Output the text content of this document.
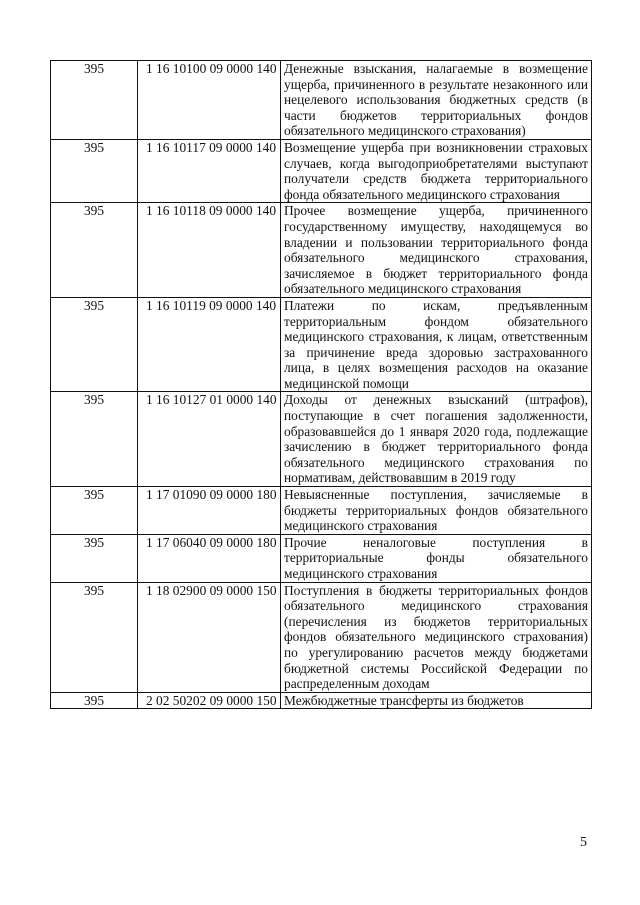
395	1 16 10100 09 0000 140	Денежные взыскания, налагаемые в возмещение ущерба, причиненного в результате незаконного или нецелевого использования бюджетных средств (в части бюджетов территориальных фондов обязательного медицинского страхования)
395	1 16 10117 09 0000 140	Возмещение ущерба при возникновении страховых случаев, когда выгодоприобретателями выступают получатели средств бюджета территориального фонда обязательного медицинского страхования
395	1 16 10118 09 0000 140	Прочее возмещение ущерба, причиненного государственному имуществу, находящемуся во владении и пользовании территориального фонда обязательного медицинского страхования, зачисляемое в бюджет территориального фонда обязательного медицинского страхования
395	1 16 10119 09 0000 140	Платежи по искам, предъявленным территориальным фондом обязательного медицинского страхования, к лицам, ответственным за причинение вреда здоровью застрахованного лица, в целях возмещения расходов на оказание медицинской помощи
395	1 16 10127 01 0000 140	Доходы от денежных взысканий (штрафов), поступающие в счет погашения задолженности, образовавшейся до 1 января 2020 года, подлежащие зачислению в бюджет территориального фонда обязательного медицинского страхования по нормативам, действовавшим в 2019 году
395	1 17 01090 09 0000 180	Невыясненные поступления, зачисляемые в бюджеты территориальных фондов обязательного медицинского страхования
395	1 17 06040 09 0000 180	Прочие неналоговые поступления в территориальные фонды обязательного медицинского страхования
395	1 18 02900 09 0000 150	Поступления в бюджеты территориальных фондов обязательного медицинского страхования (перечисления из бюджетов территориальных фондов обязательного медицинского страхования) по урегулированию расчетов между бюджетами бюджетной системы Российской Федерации по распределенным доходам
395	2 02 50202 09 0000 150	Межбюджетные трансферты из бюджетов
5
